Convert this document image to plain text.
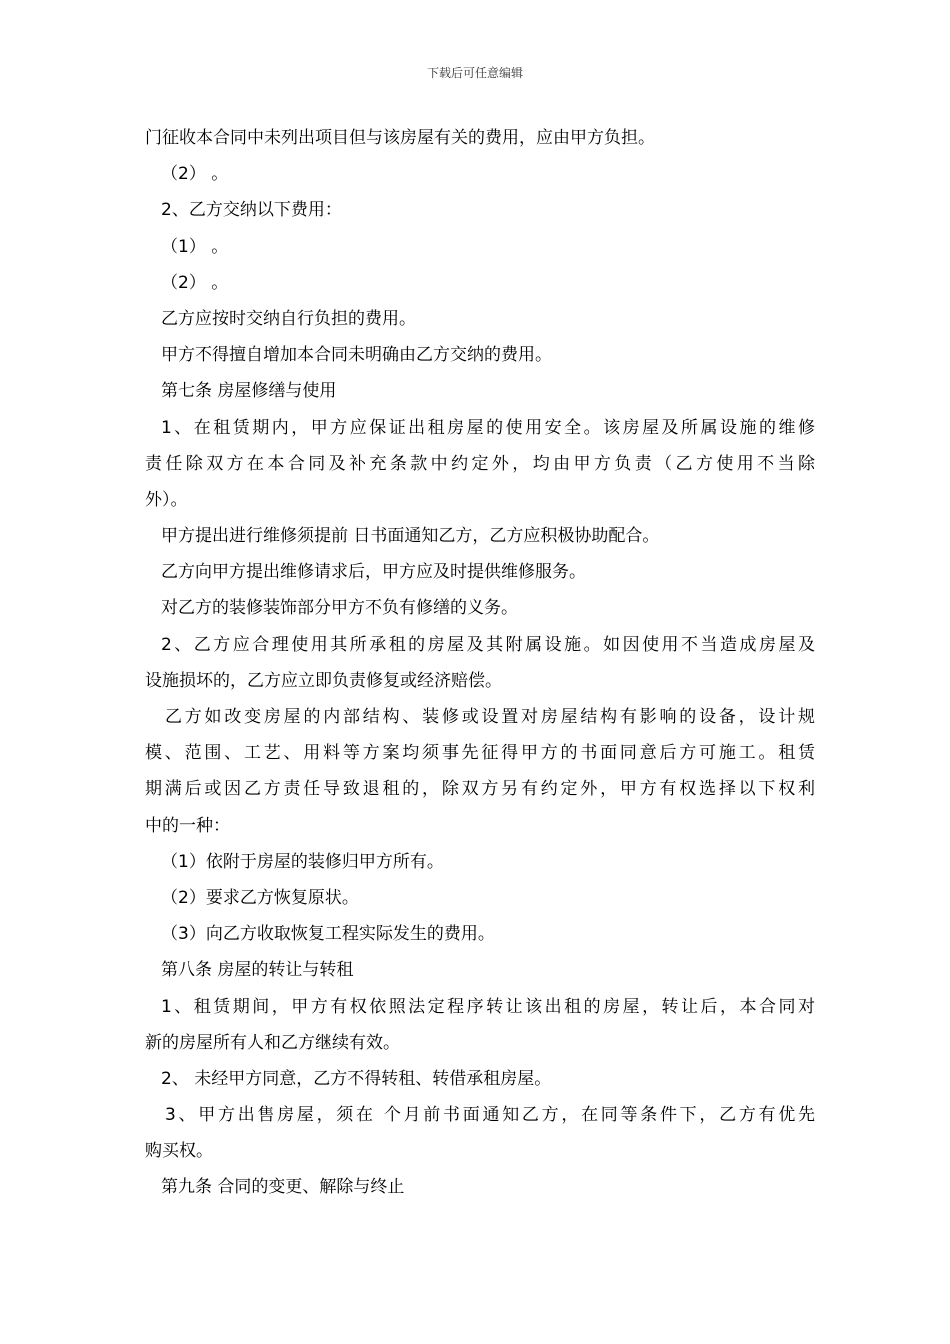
下载后可任意编辑
门征收本合同中未列出项目但与该房屋有关的费用，应由甲方负担。
（2） 。
2、乙方交纳以下费用：
（1） 。
（2） 。
乙方应按时交纳自行负担的费用。
甲方不得擅自增加本合同未明确由乙方交纳的费用。
第七条 房屋修缮与使用
1、在租赁期内，甲方应保证出租房屋的使用安全。该房屋及所属设施的维修
责任除双方在本合同及补充条款中约定外，均由甲方负责（乙方使用不当除
外）。
甲方提出进行维修须提前 日书面通知乙方，乙方应积极协助配合。
乙方向甲方提出维修请求后，甲方应及时提供维修服务。
对乙方的装修装饰部分甲方不负有修缮的义务。
2、乙方应合理使用其所承租的房屋及其附属设施。如因使用不当造成房屋及
设施损坏的，乙方应立即负责修复或经济赔偿。
乙方如改变房屋的内部结构、装修或设置对房屋结构有影响的设备，设计规
模、范围、工艺、用料等方案均须事先征得甲方的书面同意后方可施工。租赁
期满后或因乙方责任导致退租的，除双方另有约定外，甲方有权选择以下权利
中的一种：
（1）依附于房屋的装修归甲方所有。
（2）要求乙方恢复原状。
（3）向乙方收取恢复工程实际发生的费用。
第八条 房屋的转让与转租
1、租赁期间，甲方有权依照法定程序转让该出租的房屋，转让后，本合同对
新的房屋所有人和乙方继续有效。
2、 未经甲方同意，乙方不得转租、转借承租房屋。
3、甲方出售房屋，须在 个月前书面通知乙方，在同等条件下，乙方有优先
购买权。
第九条 合同的变更、解除与终止
